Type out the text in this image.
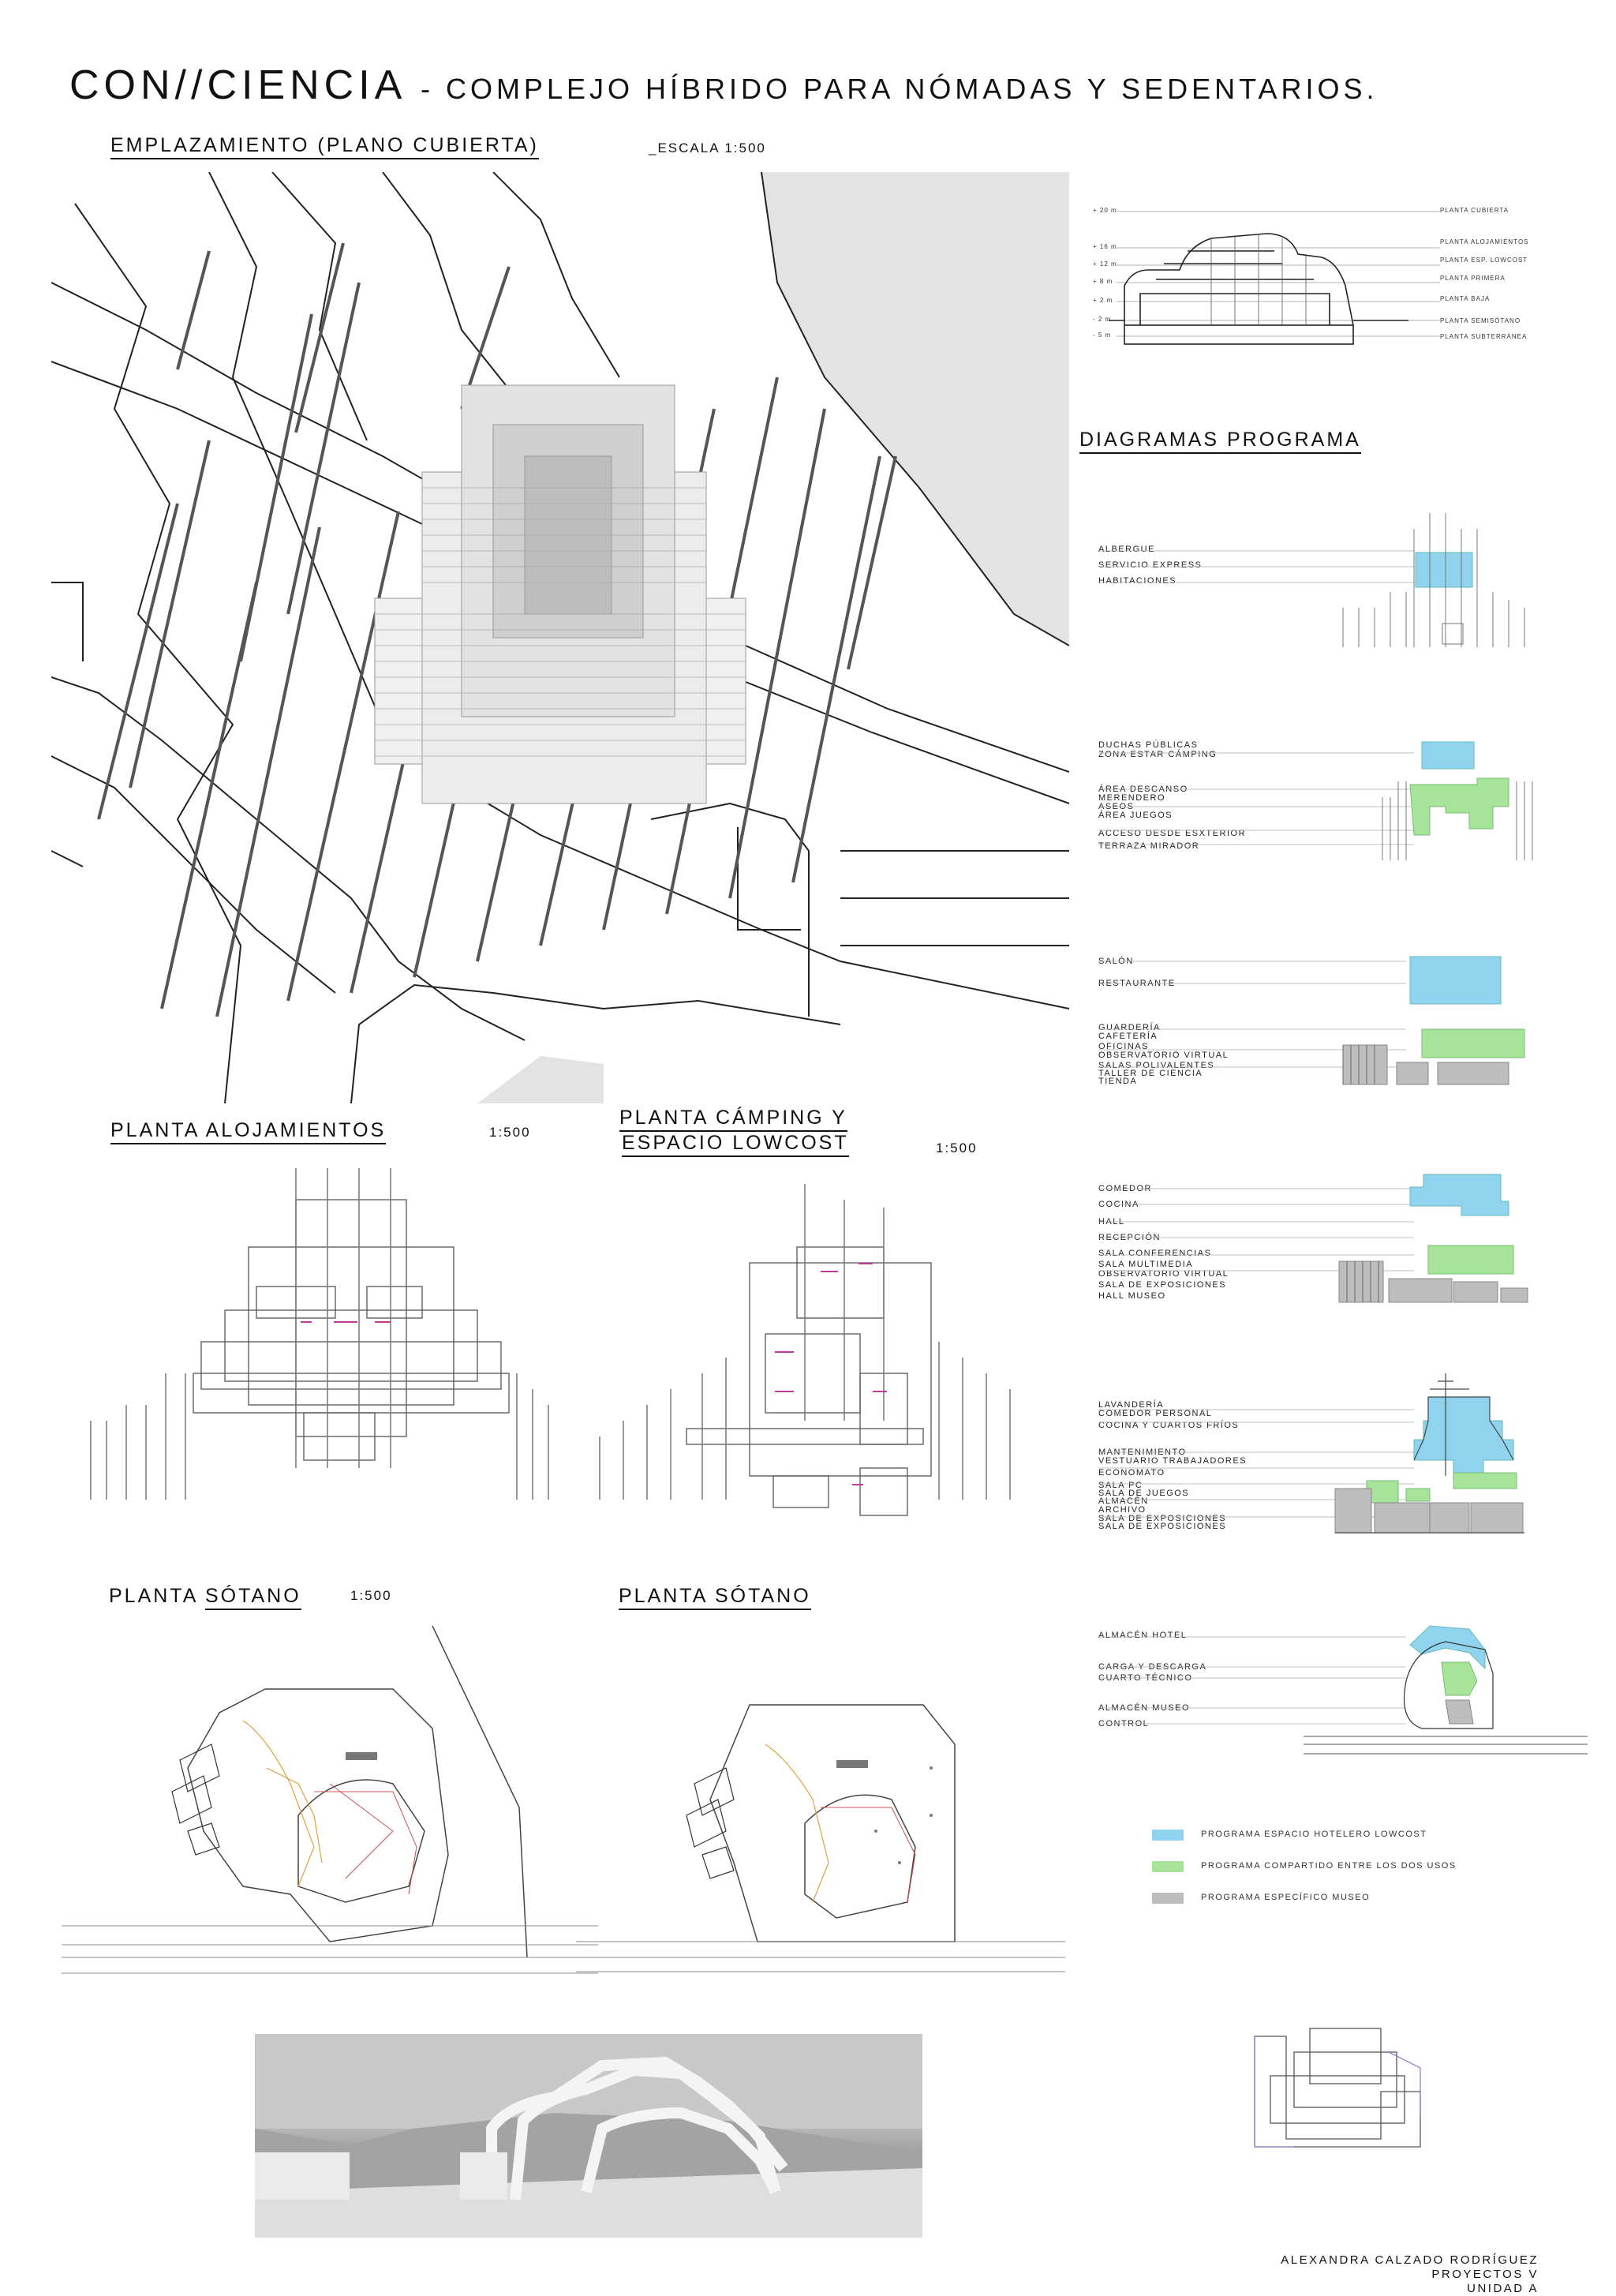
CON//CIENCIA - COMPLEJO HÍBRIDO PARA NÓMADAS Y SEDENTARIOS.
EMPLAZAMIENTO (PLANO CUBIERTA)	_ESCALA 1:500
+ 20 m
+ 16 m
+ 12 m
+ 8 m
+ 2 m
- 2 m
- 5 m
PLANTA CUBIERTA
PLANTA ALOJAMIENTOS
PLANTA ESP. LOWCOST
PLANTA PRIMERA
PLANTA BAJA
PLANTA SEMISÓTANO
PLANTA SUBTERRÁNEA
DIAGRAMAS PROGRAMA
ALBERGUE
SERVICIO EXPRESS
HABITACIONES
DUCHAS PÚBLICAS
ZONA ESTAR CÁMPING
ÁREA DESCANSO
MERENDERO
ASEOS
ÁREA JUEGOS
ACCESO DESDE ESXTERIOR
TERRAZA MIRADOR
SALÓN
RESTAURANTE
GUARDERÍA
CAFETERÍA
OFICINAS
OBSERVATORIO VIRTUAL
SALAS POLIVALENTES
TALLER DE CIENCIA
TIENDA
COMEDOR
COCINA
HALL
RECEPCIÓN
SALA CONFERENCIAS
SALA MULTIMEDIA
OBSERVATORIO VIRTUAL
SALA DE EXPOSICIONES
HALL MUSEO
LAVANDERÍA
COMEDOR PERSONAL
COCINA Y CUARTOS FRÍOS
MANTENIMIENTO
VESTUARIO TRABAJADORES
ECONOMATO
SALA PC
SALA DE JUEGOS
ALMACÉN
ARCHIVO
SALA DE EXPOSICIONES
SALA DE EXPOSICIONES
ALMACÉN HOTEL
CARGA Y DESCARGA
CUARTO TÉCNICO
ALMACÉN MUSEO
CONTROL
PROGRAMA ESPACIO HOTELERO LOWCOST
PROGRAMA COMPARTIDO ENTRE LOS DOS USOS
PROGRAMA ESPECÍFICO MUSEO
PLANTA ALOJAMIENTOS	1:500
PLANTA CÁMPING Y
ESPACIO LOWCOST	1:500
PLANTA SÓTANO	1:500	PLANTA SÓTANO
ALEXANDRA CALZADO RODRÍGUEZ
PROYECTOS V
UNIDAD A
